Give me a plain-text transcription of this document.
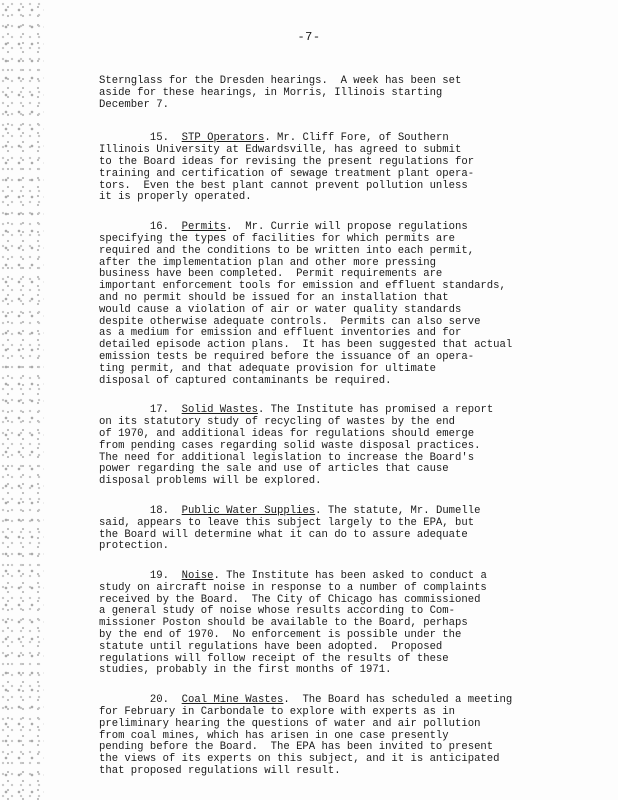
-7-

Sternglass for the Dresden hearings.  A week has been set
aside for these hearings, in Morris, Illinois starting
December 7.

15. STP Operators. Mr. Cliff Fore, of Southern
Illinois University at Edwardsville, has agreed to submit
to the Board ideas for revising the present regulations for
training and certification of sewage treatment plant opera-
tors.  Even the best plant cannot prevent pollution unless
it is properly operated.

16. Permits.  Mr. Currie will propose regulations
specifying the types of facilities for which permits are
required and the conditions to be written into each permit,
after the implementation plan and other more pressing
business have been completed.  Permit requirements are
important enforcement tools for emission and effluent standards,
and no permit should be issued for an installation that
would cause a violation of air or water quality standards
despite otherwise adequate controls.  Permits can also serve
as a medium for emission and effluent inventories and for
detailed episode action plans.  It has been suggested that actual
emission tests be required before the issuance of an opera-
ting permit, and that adequate provision for ultimate
disposal of captured contaminants be required.

17. Solid Wastes. The Institute has promised a report
on its statutory study of recycling of wastes by the end
of 1970, and additional ideas for regulations should emerge
from pending cases regarding solid waste disposal practices.
The need for additional legislation to increase the Board's
power regarding the sale and use of articles that cause
disposal problems will be explored.

18. Public Water Supplies. The statute, Mr. Dumelle
said, appears to leave this subject largely to the EPA, but
the Board will determine what it can do to assure adequate
protection.

19. Noise. The Institute has been asked to conduct a
study on aircraft noise in response to a number of complaints
received by the Board.  The City of Chicago has commissioned
a general study of noise whose results according to Com-
missioner Poston should be available to the Board, perhaps
by the end of 1970.  No enforcement is possible under the
statute until regulations have been adopted.  Proposed
regulations will follow receipt of the results of these
studies, probably in the first months of 1971.

20. Coal Mine Wastes.  The Board has scheduled a meeting
for February in Carbondale to explore with experts as in
preliminary hearing the questions of water and air pollution
from coal mines, which has arisen in one case presently
pending before the Board.  The EPA has been invited to present
the views of its experts on this subject, and it is anticipated
that proposed regulations will result.
